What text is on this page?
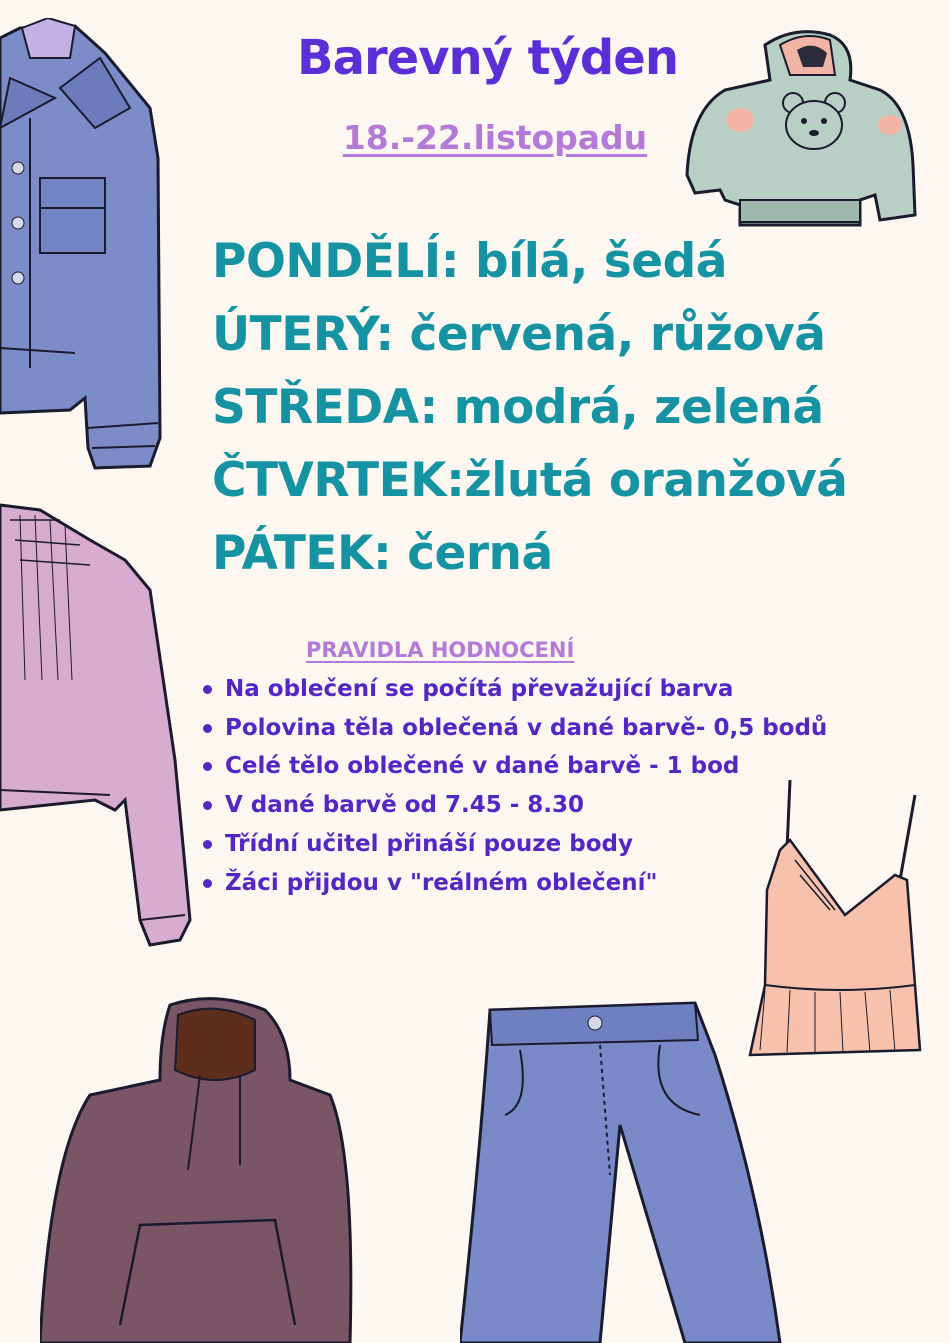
Barevný týden
18.-22.listopadu
PONDĚLÍ: bílá, šedá
ÚTERÝ: červená, růžová
STŘEDA: modrá, zelená
ČTVRTEK:žlutá oranžová
PÁTEK: černá
PRAVIDLA HODNOCENÍ
Na oblečení se počítá převažující barva
Polovina těla oblečená v dané barvě- 0,5 bodů
Celé tělo oblečené v dané barvě - 1 bod
V dané barvě od 7.45 - 8.30
Třídní učitel přináší pouze body
Žáci přijdou v "reálném oblečení"
